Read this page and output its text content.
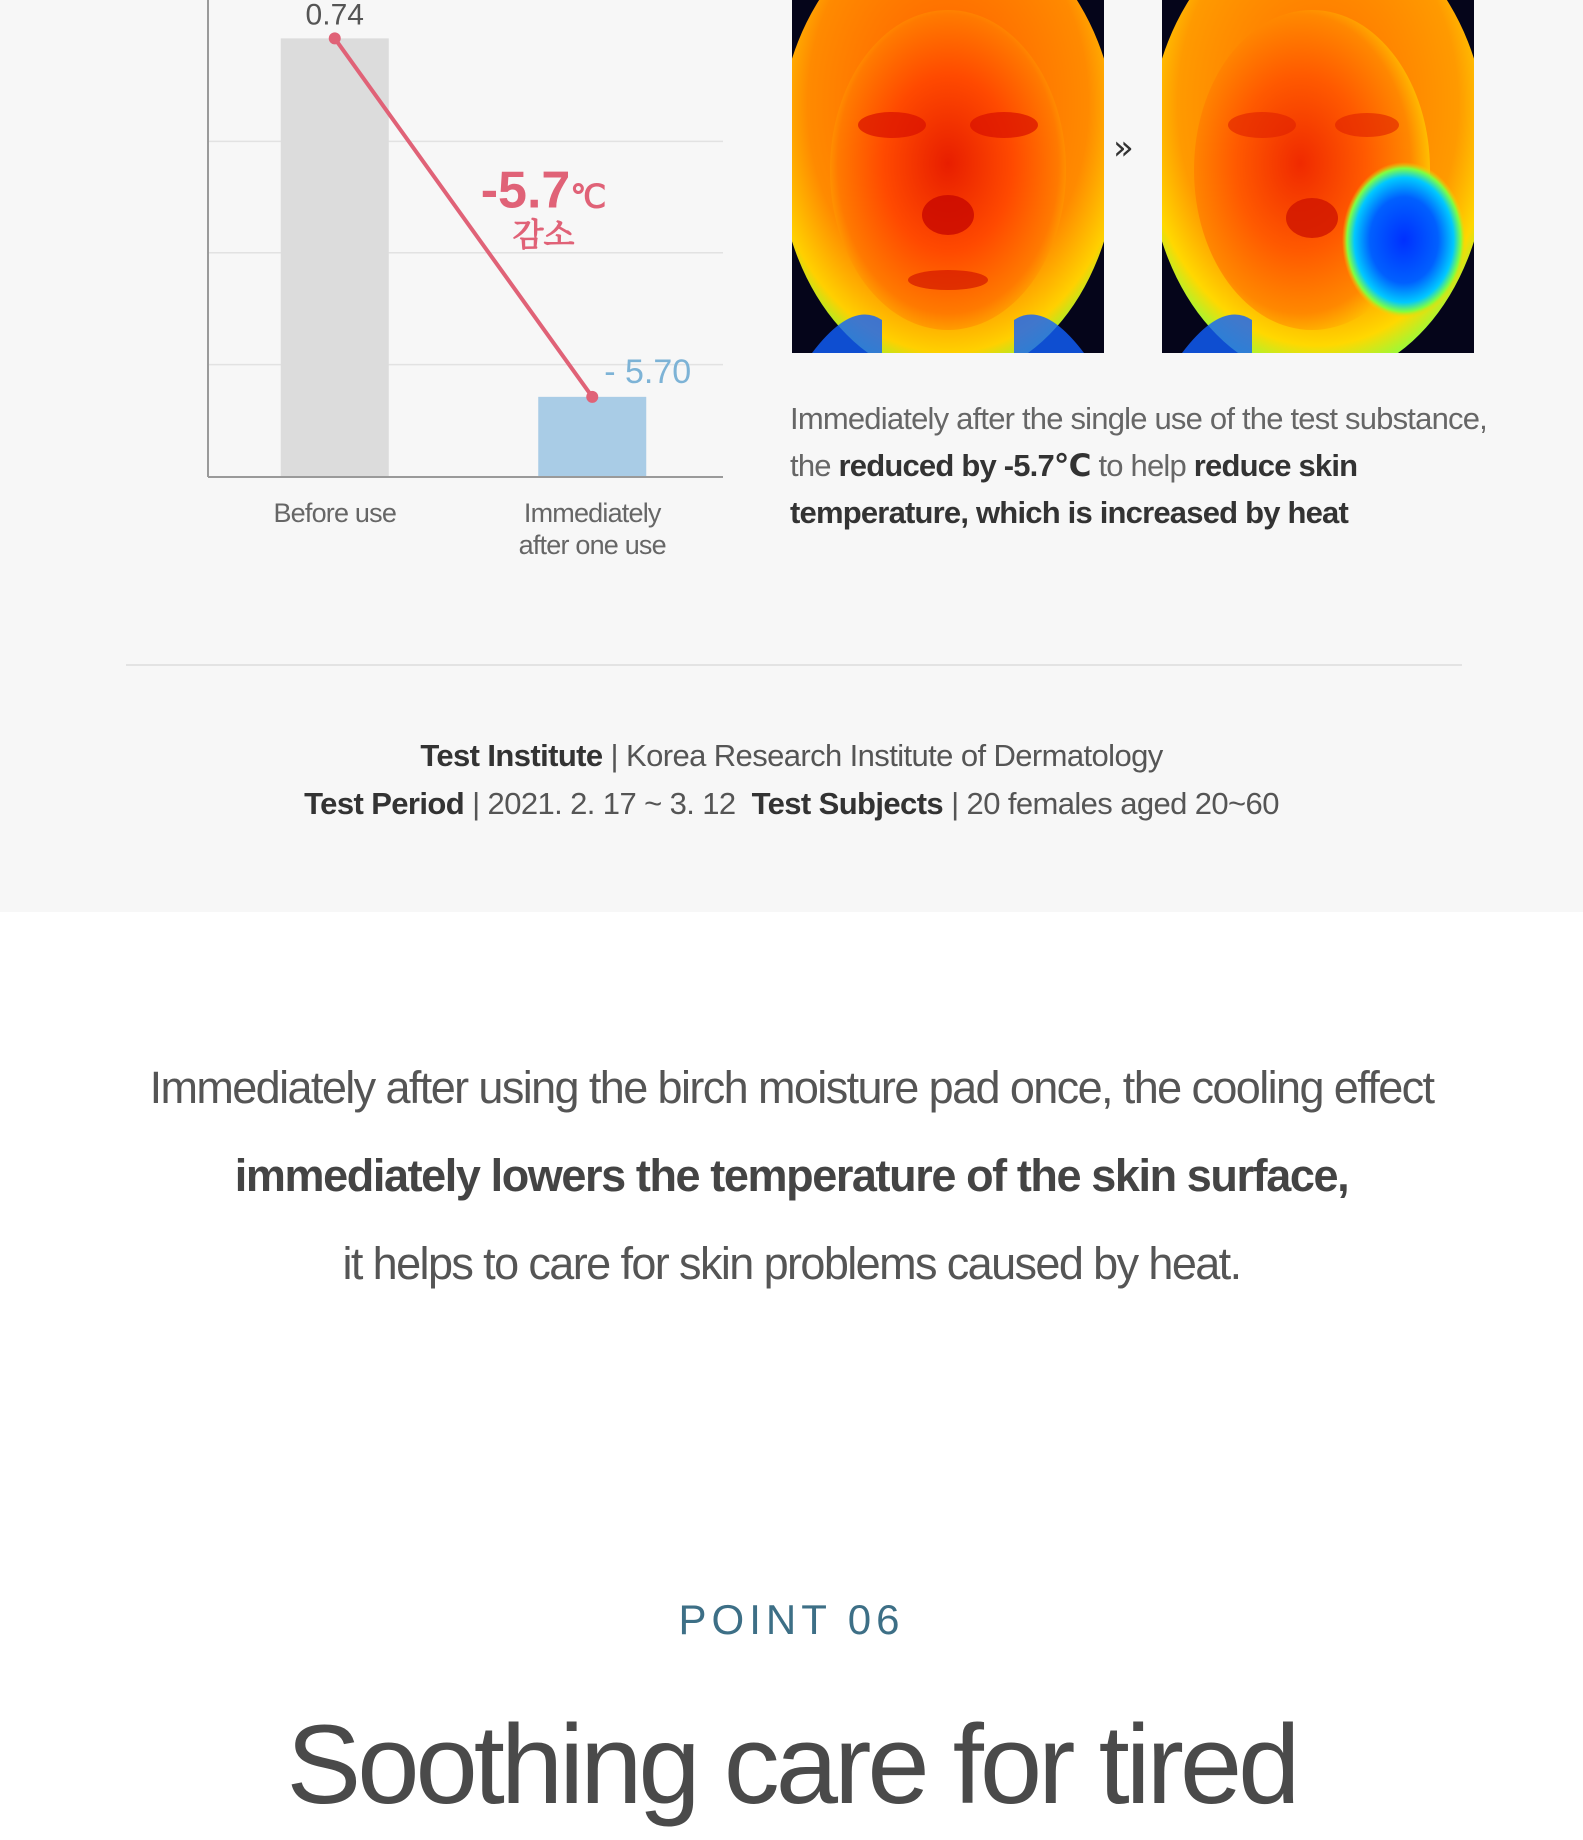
0.74
- 5.70
-5.7℃
감소
Before use	Immediately
after one use
»
Immediately after the single use of the test substance, the reduced by -5.7℃ to help reduce skin temperature, which is increased by heat
Test Institute | Korea Research Institute of Dermatology
Test Period | 2021. 2. 17 ~ 3. 12 Test Subjects | 20 females aged 20~60
Immediately after using the birch moisture pad once, the cooling effect
immediately lowers the temperature of the skin surface,
it helps to care for skin problems caused by heat.
POINT 06
Soothing care for tired
